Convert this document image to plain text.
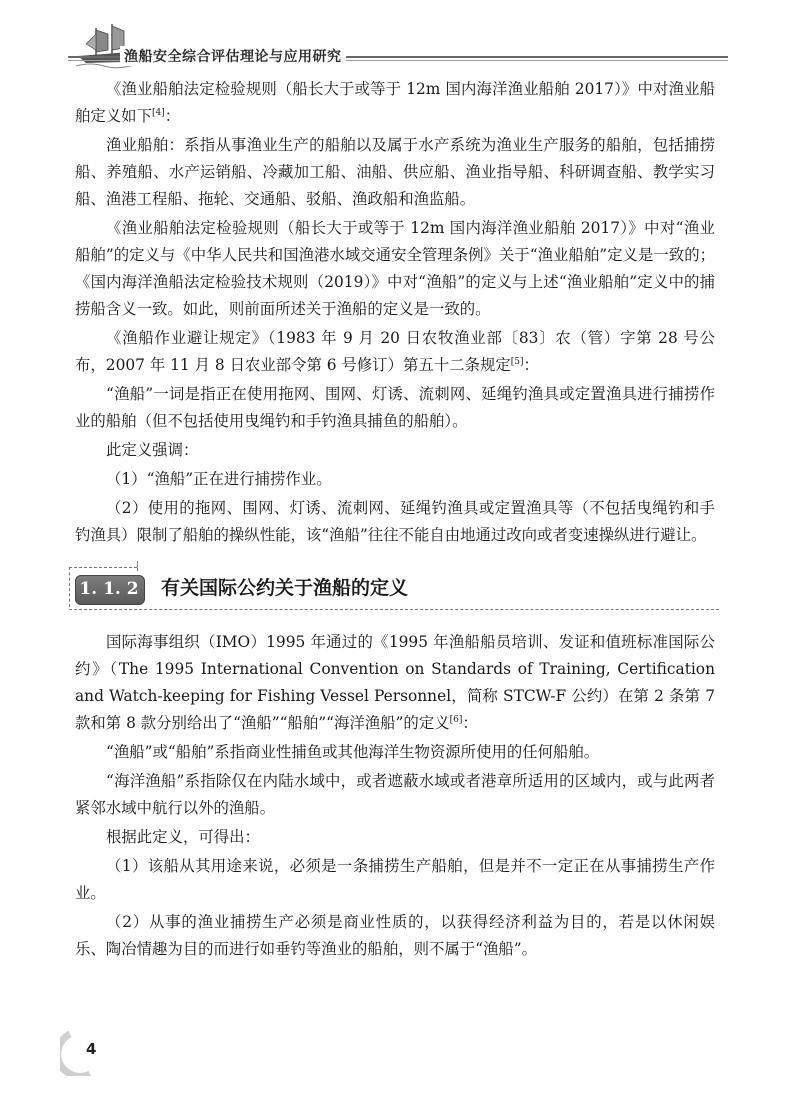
渔船安全综合评估理论与应用研究

《渔业船舶法定检验规则（船长大于或等于 12m 国内海洋渔业船舶 2017）》中对渔业船舶定义如下[4]：

渔业船舶：系指从事渔业生产的船舶以及属于水产系统为渔业生产服务的船舶，包括捕捞船、养殖船、水产运销船、冷藏加工船、油船、供应船、渔业指导船、科研调查船、教学实习船、渔港工程船、拖轮、交通船、驳船、渔政船和渔监船。

《渔业船舶法定检验规则（船长大于或等于 12m 国内海洋渔业船舶 2017）》中对“渔业船舶”的定义与《中华人民共和国渔港水域交通安全管理条例》关于“渔业船舶”定义是一致的；《国内海洋渔船法定检验技术规则（2019）》中对“渔船”的定义与上述“渔业船舶”定义中的捕捞船含义一致。如此，则前面所述关于渔船的定义是一致的。

《渔船作业避让规定》（1983 年 9 月 20 日农牧渔业部〔83〕农（管）字第 28 号公布，2007 年 11 月 8 日农业部令第 6 号修订）第五十二条规定[5]：

“渔船”一词是指正在使用拖网、围网、灯诱、流刺网、延绳钓渔具或定置渔具进行捕捞作业的船舶（但不包括使用曳绳钓和手钓渔具捕鱼的船舶）。

此定义强调：

（1）“渔船”正在进行捕捞作业。

（2）使用的拖网、围网、灯诱、流刺网、延绳钓渔具或定置渔具等（不包括曳绳钓和手钓渔具）限制了船舶的操纵性能，该“渔船”往往不能自由地通过改向或者变速操纵进行避让。

1. 1. 2 有关国际公约关于渔船的定义

国际海事组织（IMO）1995 年通过的《1995 年渔船船员培训、发证和值班标准国际公约》（The 1995 International Convention on Standards of Training, Certification and Watch-keeping for Fishing Vessel Personnel，简称 STCW-F 公约）在第 2 条第 7 款和第 8 款分别给出了“渔船”“船舶”“海洋渔船”的定义[6]：

“渔船”或“船舶”系指商业性捕鱼或其他海洋生物资源所使用的任何船舶。

“海洋渔船”系指除仅在内陆水域中，或者遮蔽水域或者港章所适用的区域内，或与此两者紧邻水域中航行以外的渔船。

根据此定义，可得出：

（1）该船从其用途来说，必须是一条捕捞生产船舶，但是并不一定正在从事捕捞生产作业。

（2）从事的渔业捕捞生产必须是商业性质的，以获得经济利益为目的，若是以休闲娱乐、陶冶情趣为目的而进行如垂钓等渔业的船舶，则不属于“渔船”。

4
